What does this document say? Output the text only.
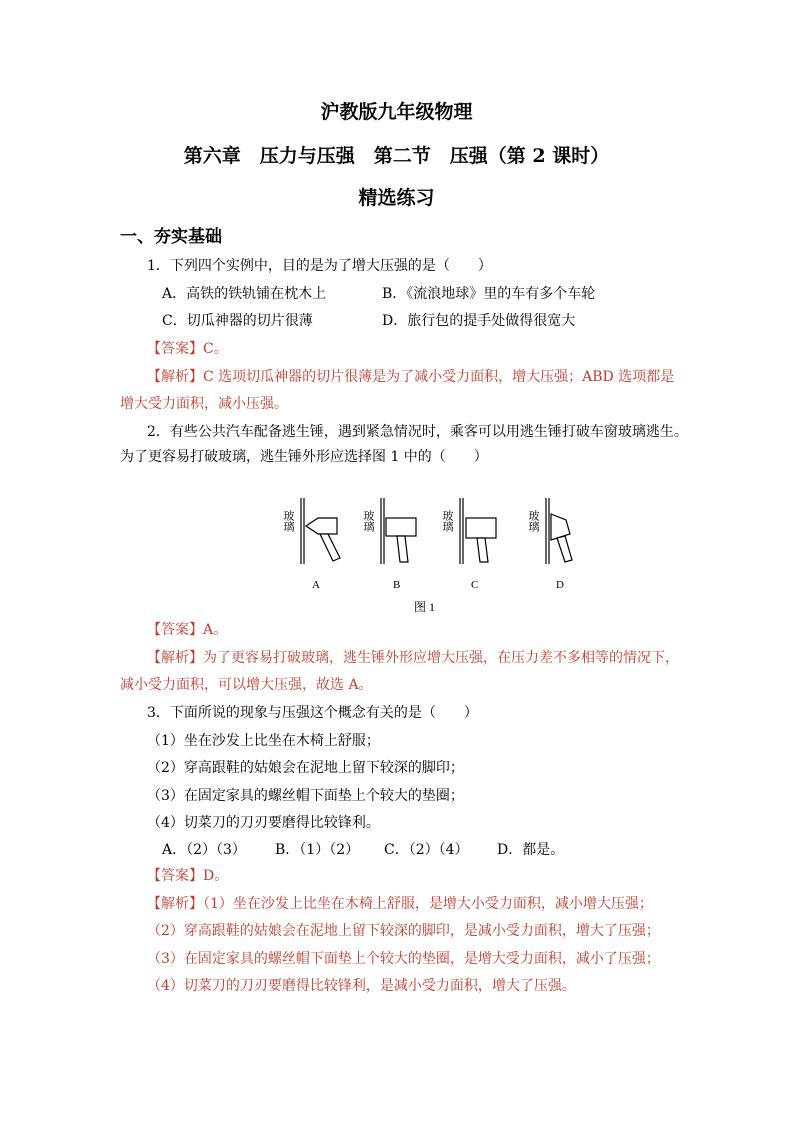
沪教版九年级物理
第六章　压力与压强　第二节　压强（第 2 课时）
精选练习
一、夯实基础
1．下列四个实例中，目的是为了增大压强的是（　　）
A．高铁的铁轨铺在枕木上	B．《流浪地球》里的车有多个车轮
C．切瓜神器的切片很薄	D．旅行包的提手处做得很宽大
【答案】C。
【解析】C 选项切瓜神器的切片很薄是为了减小受力面积，增大压强；ABD 选项都是
增大受力面积，减小压强。
2．有些公共汽车配备逃生锤，遇到紧急情况时，乘客可以用逃生锤打破车窗玻璃逃生。
为了更容易打破玻璃，逃生锤外形应选择图 1 中的（　　）
玻璃	玻璃	玻璃	玻璃
A	B	C	D
图 1
【答案】A。
【解析】为了更容易打破玻璃，逃生锤外形应增大压强，在压力差不多相等的情况下，
减小受力面积，可以增大压强，故选 A。
3．下面所说的现象与压强这个概念有关的是（　　）
（1）坐在沙发上比坐在木椅上舒服；
（2）穿高跟鞋的姑娘会在泥地上留下较深的脚印；
（3）在固定家具的螺丝帽下面垫上个较大的垫圈；
（4）切菜刀的刀刃要磨得比较锋利。
A．（2）（3） B．（1）（2） C．（2）（4） D．都是。
【答案】D。
【解析】（1）坐在沙发上比坐在木椅上舒服，是增大小受力面积，减小增大压强；
（2）穿高跟鞋的姑娘会在泥地上留下较深的脚印，是减小受力面积，增大了压强；
（3）在固定家具的螺丝帽下面垫上个较大的垫圈，是增大受力面积，减小了压强；
（4）切菜刀的刀刃要磨得比较锋利，是减小受力面积，增大了压强。
